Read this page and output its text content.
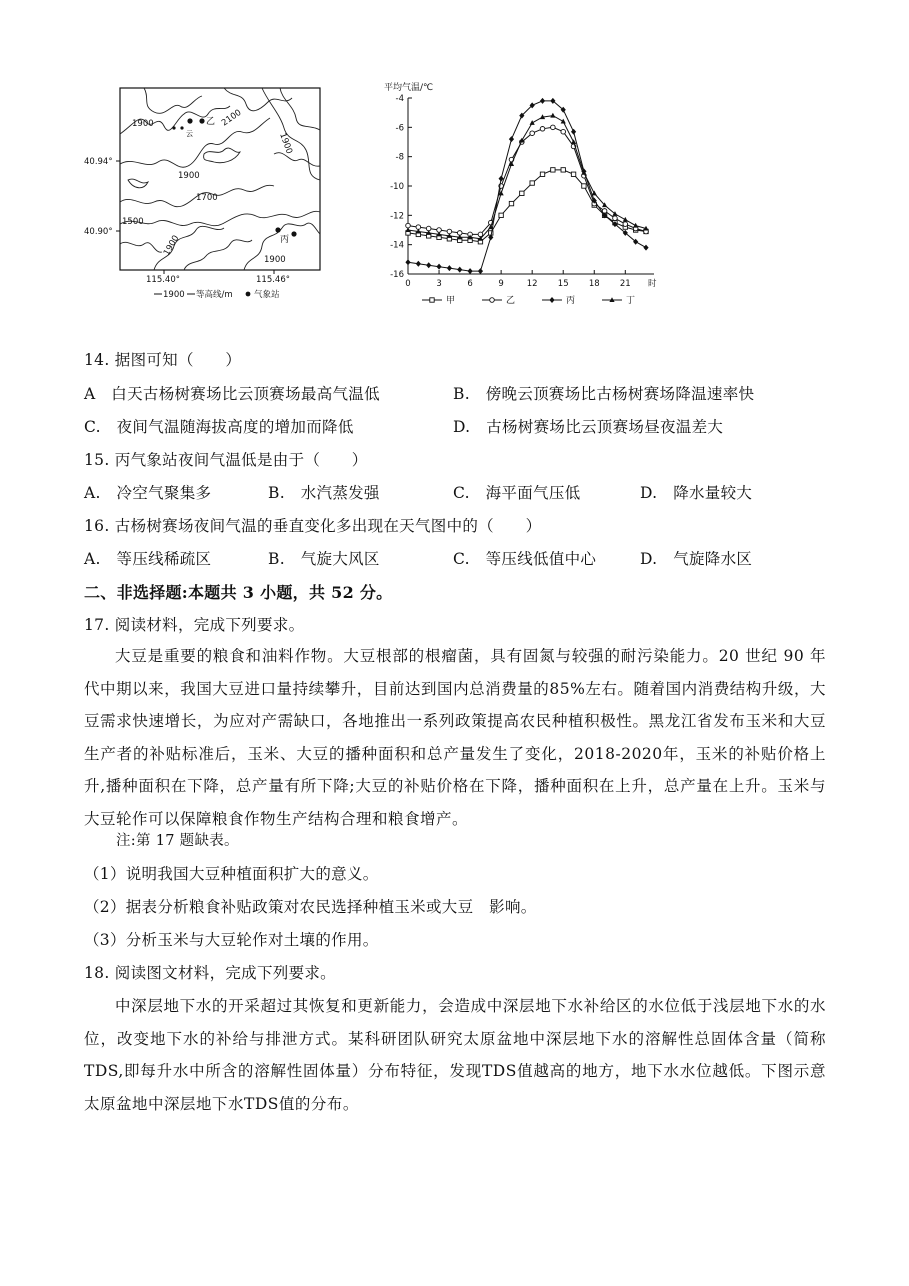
1900	2100
1900
1900
1700
1500
1900
1900
云
乙
丙
40.94°
40.90°
115.40°	115.46°
1900 等高线/m	气象站
平均气温/℃
-4
-6
-8
-10
-12
-14
-16
0	3	6	9	12 15 18 21 时
甲	乙	丙	丁
14. 据图可知（　　）
A　白天古杨树赛场比云顶赛场最高气温低	B.　傍晚云顶赛场比古杨树赛场降温速率快
C.　夜间气温随海拔高度的增加而降低	D.　古杨树赛场比云顶赛场昼夜温差大
15. 丙气象站夜间气温低是由于（　　）
A.　冷空气聚集多	B.　水汽蒸发强	C.　海平面气压低	D.　降水量较大
16. 古杨树赛场夜间气温的垂直变化多出现在天气图中的（　　）
A.　等压线稀疏区	B.　气旋大风区	C.　等压线低值中心	D.　气旋降水区
二、非选择题:本题共 3 小题，共 52 分。
17. 阅读材料，完成下列要求。
大豆是重要的粮食和油料作物。大豆根部的根瘤菌，具有固氮与较强的耐污染能力。20 世纪 90 年代中期以来，我国大豆进口量持续攀升，目前达到国内总消费量的85%左右。随着国内消费结构升级，大豆需求快速增长，为应对产需缺口，各地推出一系列政策提高农民种植积极性。黑龙江省发布玉米和大豆生产者的补贴标准后，玉米、大豆的播种面积和总产量发生了变化，2018-2020年，玉米的补贴价格上升,播种面积在下降，总产量有所下降;大豆的补贴价格在下降，播种面积在上升，总产量在上升。玉米与大豆轮作可以保障粮食作物生产结构合理和粮食增产。
注:第 17 题缺表。
（1）说明我国大豆种植面积扩大的意义。
（2）据表分析粮食补贴政策对农民选择种植玉米或大豆　影响。
（3）分析玉米与大豆轮作对土壤的作用。
18. 阅读图文材料，完成下列要求。
中深层地下水的开采超过其恢复和更新能力，会造成中深层地下水补给区的水位低于浅层地下水的水位，改变地下水的补给与排泄方式。某科研团队研究太原盆地中深层地下水的溶解性总固体含量（简称TDS,即每升水中所含的溶解性固体量）分布特征，发现TDS值越高的地方，地下水水位越低。下图示意太原盆地中深层地下水TDS值的分布。
